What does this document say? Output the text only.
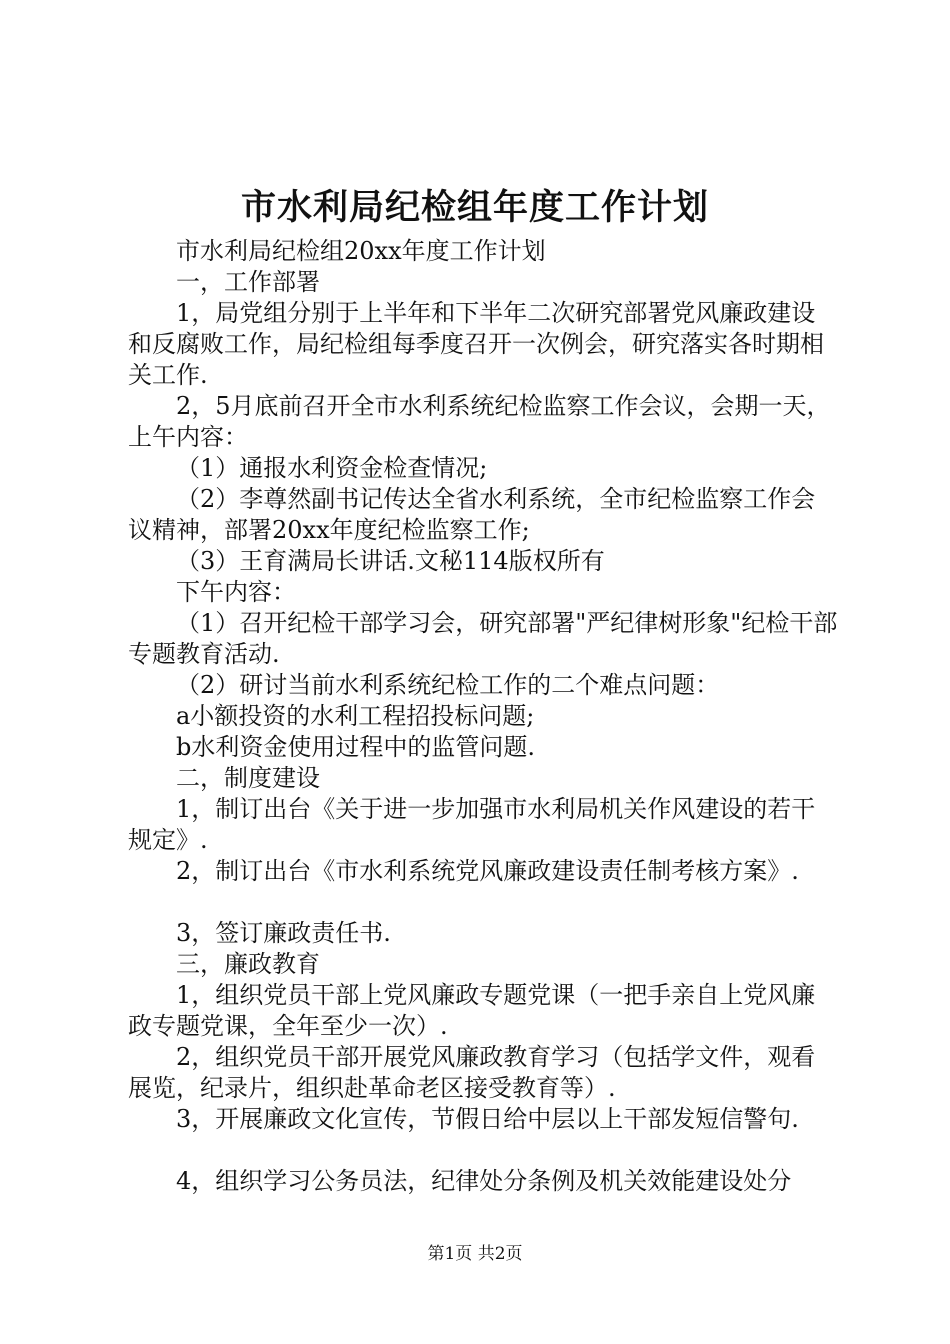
市水利局纪检组年度工作计划

市水利局纪检组20xx年度工作计划

一，工作部署

1，局党组分别于上半年和下半年二次研究部署党风廉政建设和反腐败工作，局纪检组每季度召开一次例会，研究落实各时期相关工作.

2，5月底前召开全市水利系统纪检监察工作会议，会期一天，上午内容：

（1）通报水利资金检查情况;

（2）李尊然副书记传达全省水利系统，全市纪检监察工作会议精神，部署20xx年度纪检监察工作;

（3）王育满局长讲话.文秘114版权所有

下午内容：

（1）召开纪检干部学习会，研究部署"严纪律树形象"纪检干部专题教育活动.

（2）研讨当前水利系统纪检工作的二个难点问题：

a小额投资的水利工程招投标问题;

b水利资金使用过程中的监管问题.

二，制度建设

1，制订出台《关于进一步加强市水利局机关作风建设的若干规定》.

2，制订出台《市水利系统党风廉政建设责任制考核方案》.

3，签订廉政责任书.

三，廉政教育

1，组织党员干部上党风廉政专题党课（一把手亲自上党风廉政专题党课，全年至少一次）.

2，组织党员干部开展党风廉政教育学习（包括学文件，观看展览，纪录片，组织赴革命老区接受教育等）.

3，开展廉政文化宣传，节假日给中层以上干部发短信警句.

4，组织学习公务员法，纪律处分条例及机关效能建设处分

第1页 共2页
